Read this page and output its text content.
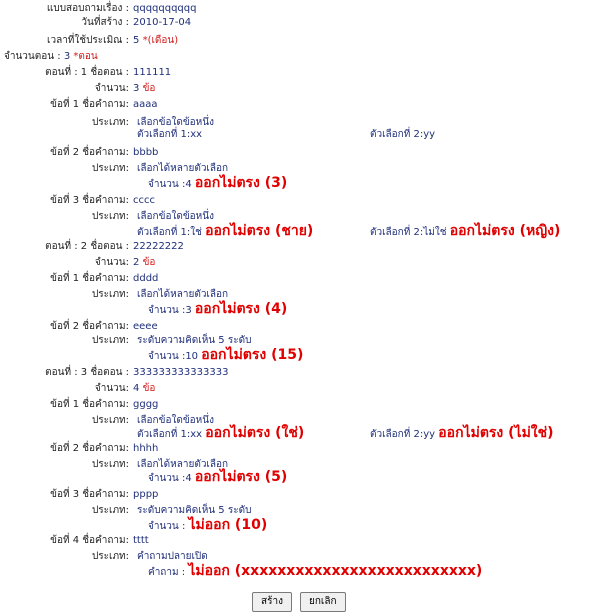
แบบสอบถามเรื่อง : qqqqqqqqqq
วันที่สร้าง : 2010-17-04
เวลาที่ใช้ประเมิณ : 5 *(เดือน)
จำนวนตอน : 3 *ตอน
ตอนที่ : 1 ชื่อตอน : 111111
จำนวน: 3 ข้อ
ข้อที่ 1 ชื่อคำถาม: aaaa
ประเภท: เลือกข้อใดข้อหนึ่ง
ตัวเลือกที่ 1:xx	ตัวเลือกที่ 2:yy
ข้อที่ 2 ชื่อคำถาม: bbbb
ประเภท: เลือกได้หลายตัวเลือก
จำนวน :4 ออกไม่ตรง (3)
ข้อที่ 3 ชื่อคำถาม: cccc
ประเภท: เลือกข้อใดข้อหนึ่ง
ตัวเลือกที่ 1:ใช่ ออกไม่ตรง (ชาย)	ตัวเลือกที่ 2:ไม่ใช่ ออกไม่ตรง (หญิง)
ตอนที่ : 2 ชื่อตอน : 22222222
จำนวน: 2 ข้อ
ข้อที่ 1 ชื่อคำถาม: dddd
ประเภท: เลือกได้หลายตัวเลือก
จำนวน :3 ออกไม่ตรง (4)
ข้อที่ 2 ชื่อคำถาม: eeee
ประเภท: ระดับความคิดเห็น 5 ระดับ
จำนวน :10 ออกไม่ตรง (15)
ตอนที่ : 3 ชื่อตอน : 333333333333333
จำนวน: 4 ข้อ
ข้อที่ 1 ชื่อคำถาม: gggg
ประเภท: เลือกข้อใดข้อหนึ่ง
ตัวเลือกที่ 1:xx ออกไม่ตรง (ใช่)	ตัวเลือกที่ 2:yy ออกไม่ตรง (ไม่ใช่)
ข้อที่ 2 ชื่อคำถาม: hhhh
ประเภท: เลือกได้หลายตัวเลือก
จำนวน :4 ออกไม่ตรง (5)
ข้อที่ 3 ชื่อคำถาม: pppp
ประเภท: ระดับความคิดเห็น 5 ระดับ
จำนวน : ไม่ออก (10)
ข้อที่ 4 ชื่อคำถาม: tttt
ประเภท: คำถามปลายเปิด
คำถาม : ไม่ออก (xxxxxxxxxxxxxxxxxxxxxxxxxx)
สร้าง	ยกเลิก
